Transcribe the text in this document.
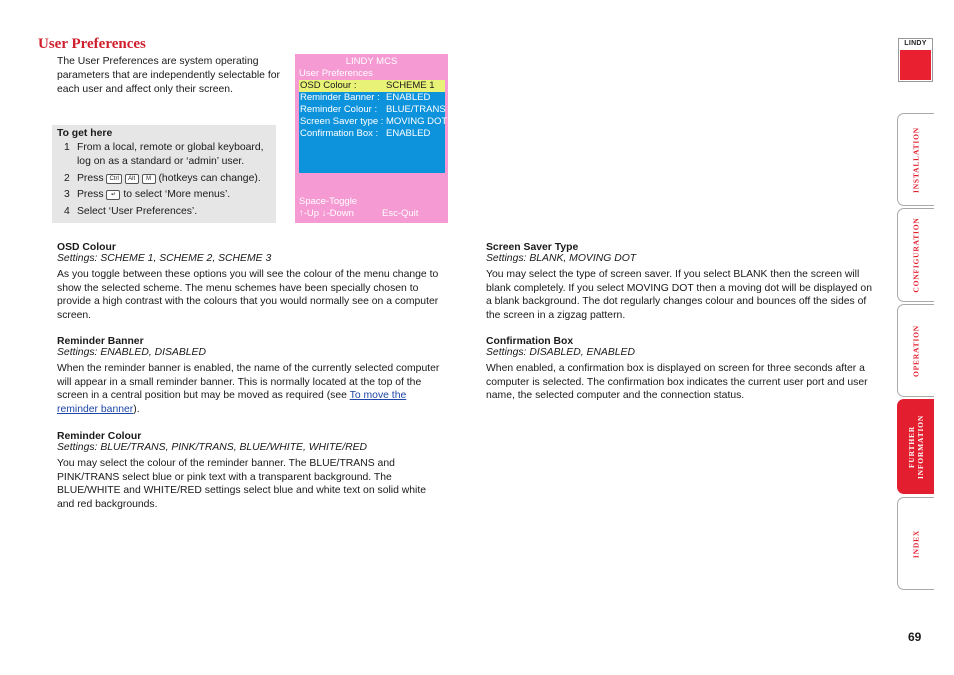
User Preferences
The User Preferences are system operating parameters that are independently selectable for each user and affect only their screen.
To get here
1 From a local, remote or global keyboard, log on as a standard or ‘admin’ user.
2 Press Ctrl Alt M (hotkeys can change).
3 Press ↵ to select ‘More menus’.
4 Select ‘User Preferences’.
LINDY MCS
User Preferences
OSD Colour :	SCHEME 1
Reminder Banner : ENABLED
Reminder Colour : BLUE/TRANS
Screen Saver type : MOVING DOT
Confirmation Box : ENABLED
Space-Toggle
↑-Up ↓-Down	Esc-Quit
OSD Colour
Settings: SCHEME 1, SCHEME 2, SCHEME 3
As you toggle between these options you will see the colour of the menu change to show the selected scheme. The menu schemes have been specially chosen to provide a high contrast with the colours that you would normally see on a computer screen.
Reminder Banner
Settings: ENABLED, DISABLED
When the reminder banner is enabled, the name of the currently selected computer will appear in a small reminder banner. This is normally located at the top of the screen in a central position but may be moved as required (see To move the reminder banner).
Reminder Colour
Settings: BLUE/TRANS, PINK/TRANS, BLUE/WHITE, WHITE/RED
You may select the colour of the reminder banner. The BLUE/TRANS and PINK/TRANS select blue or pink text with a transparent background. The BLUE/WHITE and WHITE/RED settings select blue and white text on solid white and red backgrounds.
Screen Saver Type
Settings: BLANK, MOVING DOT
You may select the type of screen saver. If you select BLANK then the screen will blank completely. If you select MOVING DOT then a moving dot will be displayed on a blank background. The dot regularly changes colour and bounces off the sides of the screen in a zigzag pattern.
Confirmation Box
Settings: DISABLED, ENABLED
When enabled, a confirmation box is displayed on screen for three seconds after a computer is selected. The confirmation box indicates the current user port and user name, the selected computer and the connection status.
LINDY
INSTALLATION
CONFIGURATION
OPERATION
FURTHER
INFORMATION
INDEX
69
